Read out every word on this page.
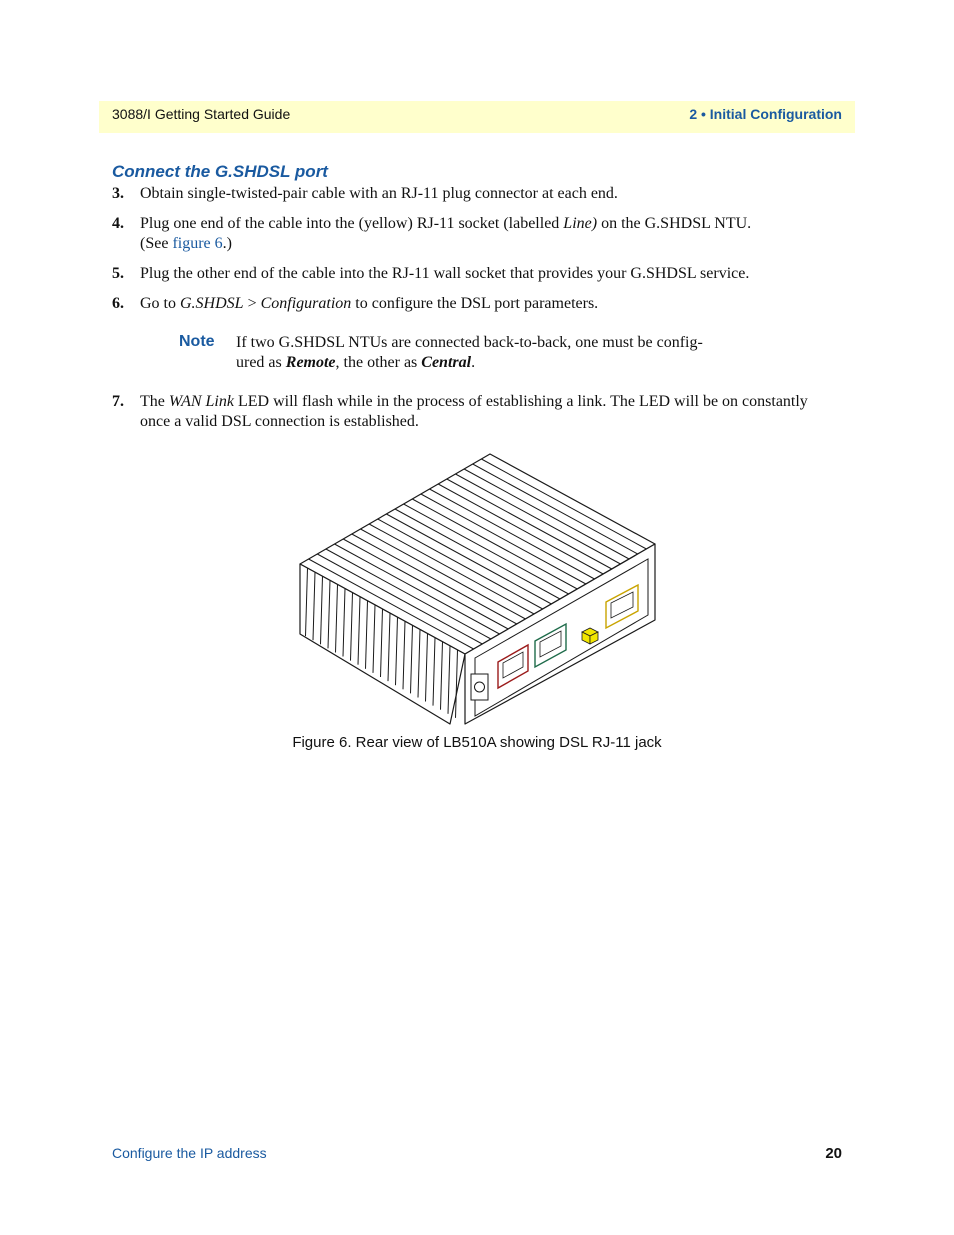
3088/I Getting Started Guide	2 • Initial Configuration
Connect the G.SHDSL port
3. Obtain single-twisted-pair cable with an RJ-11 plug connector at each end.
4. Plug one end of the cable into the (yellow) RJ-11 socket (labelled Line) on the G.SHDSL NTU.
(See figure 6.)
5. Plug the other end of the cable into the RJ-11 wall socket that provides your G.SHDSL service.
6. Go to G.SHDSL > Configuration to configure the DSL port parameters.
Note If two G.SHDSL NTUs are connected back-to-back, one must be config-
ured as Remote, the other as Central.
7. The WAN Link LED will flash while in the process of establishing a link. The LED will be on constantly
once a valid DSL connection is established.
Figure 6. Rear view of LB510A showing DSL RJ-11 jack
Configure the IP address	20
